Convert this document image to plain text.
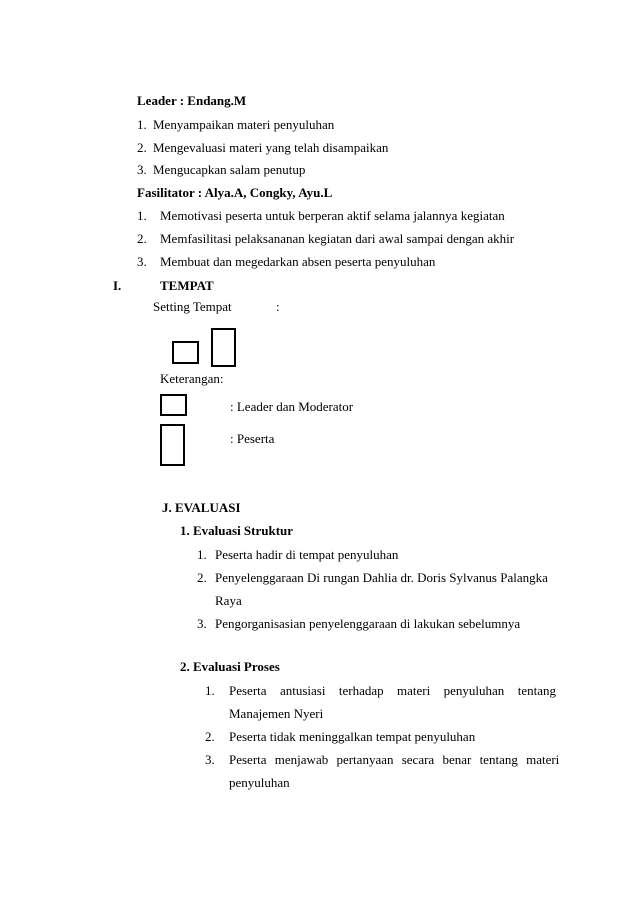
Leader : Endang.M
1. Menyampaikan materi penyuluhan
2. Mengevaluasi materi yang telah disampaikan
3. Mengucapkan salam penutup
Fasilitator : Alya.A, Congky, Ayu.L
1. Memotivasi peserta untuk berperan aktif selama jalannya kegiatan
2. Memfasilitasi pelaksananan kegiatan dari awal sampai dengan akhir
3. Membuat dan megedarkan absen peserta penyuluhan
I.	TEMPAT
Setting Tempat	:
Keterangan:
: Leader dan Moderator
: Peserta
J. EVALUASI
1. Evaluasi Struktur
1. Peserta hadir di tempat penyuluhan
2. Penyelenggaraan Di rungan Dahlia dr. Doris Sylvanus Palangka
Raya
3. Pengorganisasian penyelenggaraan di lakukan sebelumnya
2. Evaluasi Proses
1. Peserta antusiasi terhadap materi penyuluhan tentang
Manajemen Nyeri
2. Peserta tidak meninggalkan tempat penyuluhan
3. Peserta menjawab pertanyaan secara benar tentang materi
penyuluhan
